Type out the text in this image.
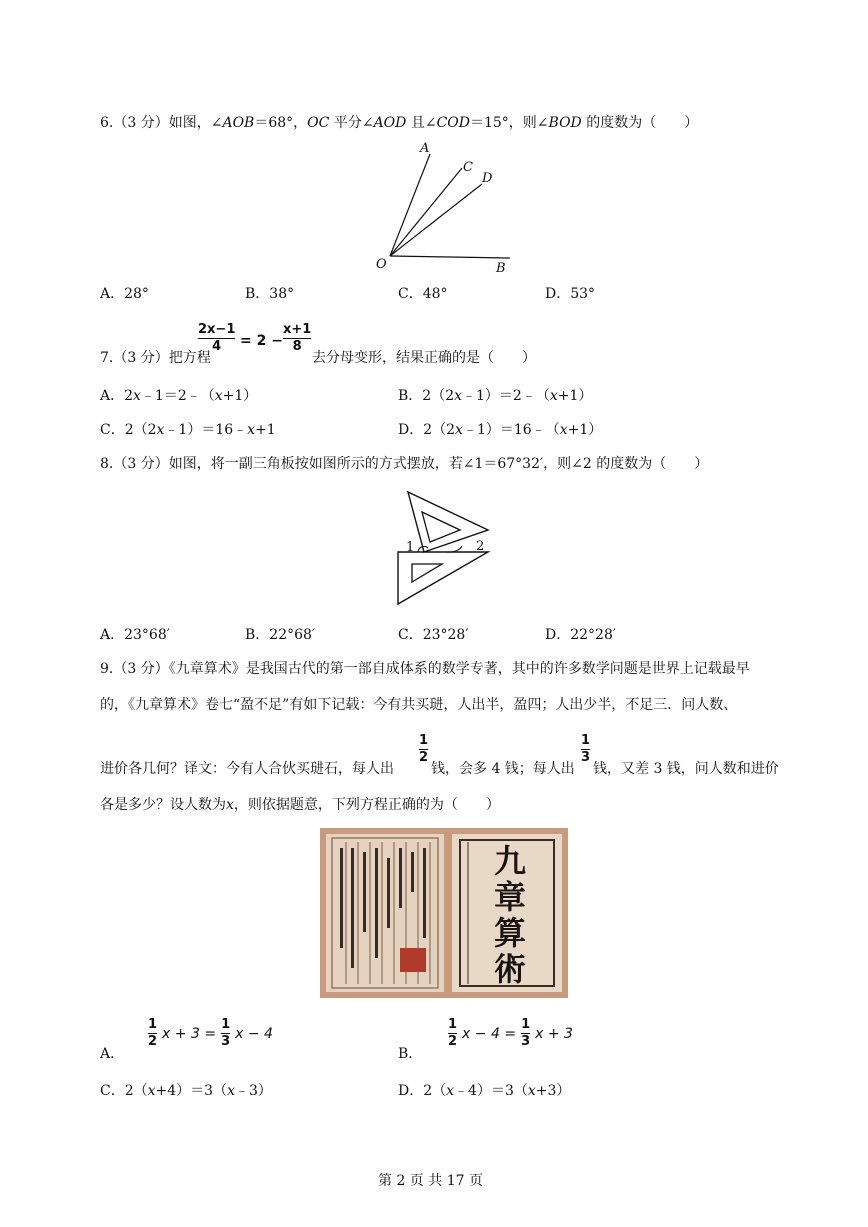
6.（3 分）如图，∠AOB＝68°，OC 平分∠AOD 且∠COD＝15°，则∠BOD 的度数为（　　）
A
C
D
O	B
A．28°	B．38°	C．48°	D．53°
7.（3 分）把方程
2x−1
4 = 2 −
x+1
8
去分母变形，结果正确的是（　　）
A．2x﹣1＝2﹣（x+1）	B．2（2x﹣1）＝2﹣（x+1）
C．2（2x﹣1）＝16﹣x+1	D．2（2x﹣1）＝16﹣（x+1）
8.（3 分）如图，将一副三角板按如图所示的方式摆放，若∠1＝67°32′，则∠2 的度数为（　　）
1	2
A．23°68′	B．22°68′	C．23°28′	D．22°28′
9.（3 分）《九章算术》是我国古代的第一部自成体系的数学专著，其中的许多数学问题是世界上记载最早
的，《九章算术》卷七“盈不足”有如下记载：今有共买琎，人出半，盈四；人出少半，不足三．问人数、
进价各几何？译文：今有人合伙买琎石，每人出
1
2
钱，会多 4 钱；每人出
1
3
钱，又差 3 钱，问人数和进价
各是多少？设人数为x，则依据题意，下列方程正确的为（　　）
九
章
算
術
A．
$\frac{1}{2}$ $x + 3 = \frac{1}{3}$ x − 4
B．
$\frac{1}{2}$ $x - 4 = \frac{1}{3}$ x + 3
C．2（x+4）＝3（x﹣3）	D．2（x﹣4）＝3（x+3）
第 2 页 共 17 页
